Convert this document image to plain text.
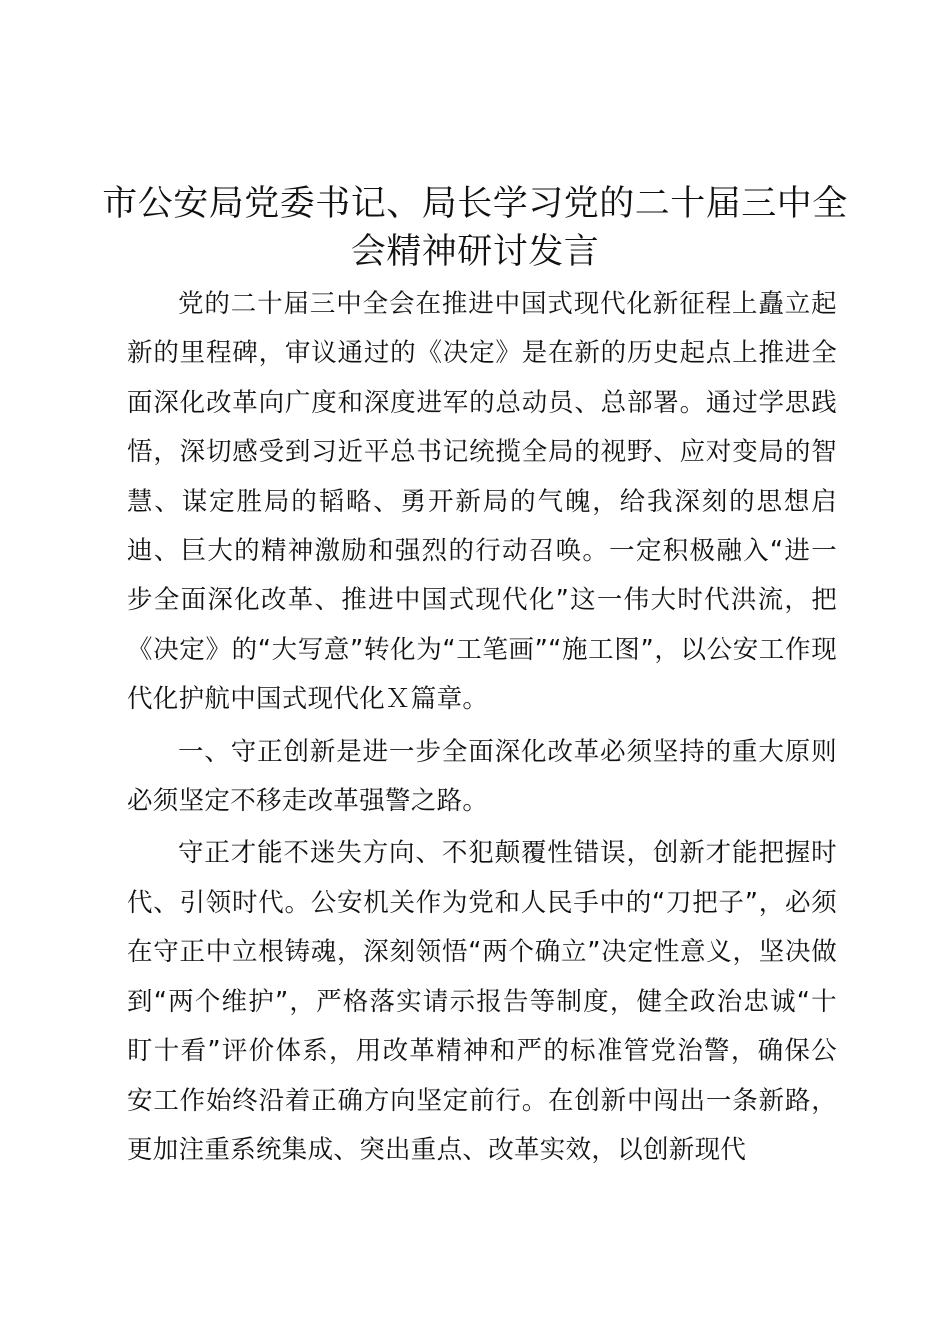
市公安局党委书记、局长学习党的二十届三中全会精神研讨发言

党的二十届三中全会在推进中国式现代化新征程上矗立起新的里程碑，审议通过的《决定》是在新的历史起点上推进全面深化改革向广度和深度进军的总动员、总部署。通过学思践悟，深切感受到习近平总书记统揽全局的视野、应对变局的智慧、谋定胜局的韬略、勇开新局的气魄，给我深刻的思想启迪、巨大的精神激励和强烈的行动召唤。一定积极融入“进一步全面深化改革、推进中国式现代化”这一伟大时代洪流，把《决定》的“大写意”转化为“工笔画”“施工图”，以公安工作现代化护航中国式现代化Ｘ篇章。

一、守正创新是进一步全面深化改革必须坚持的重大原则必须坚定不移走改革强警之路。

守正才能不迷失方向、不犯颠覆性错误，创新才能把握时代、引领时代。公安机关作为党和人民手中的“刀把子”，必须在守正中立根铸魂，深刻领悟“两个确立”决定性意义，坚决做到“两个维护”，严格落实请示报告等制度，健全政治忠诚“十盯十看”评价体系，用改革精神和严的标准管党治警，确保公安工作始终沿着正确方向坚定前行。在创新中闯出一条新路，更加注重系统集成、突出重点、改革实效，以创新现代
